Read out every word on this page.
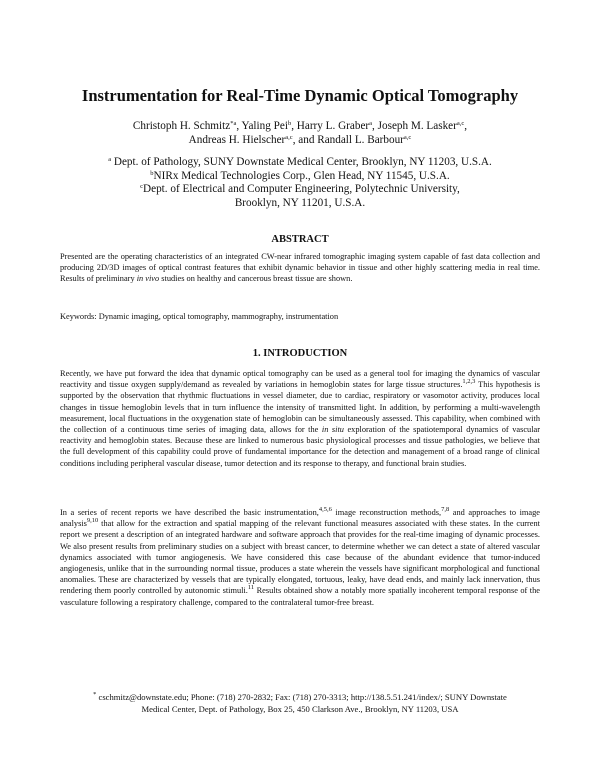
Instrumentation for Real-Time Dynamic Optical Tomography
Christoph H. Schmitz$^{*a}$, Yaling Pei$^b$, Harry L. Graber$^a$, Joseph M. Lasker$^{a,c}$,
Andreas H. Hielscher$^{a,c}$, and Randall L. Barbour$^{a,c}$
$^a$ Dept. of Pathology, SUNY Downstate Medical Center, Brooklyn, NY 11203, U.S.A.
$^b$NIRx Medical Technologies Corp., Glen Head, NY 11545, U.S.A.
$^c$Dept. of Electrical and Computer Engineering, Polytechnic University,
Brooklyn, NY 11201, U.S.A.
ABSTRACT

Presented are the operating characteristics of an integrated CW-near infrared tomographic imaging system capable of fast data collection and producing 2D/3D images of optical contrast features that exhibit dynamic behavior in tissue and other highly scattering media in real time. Results of preliminary in vivo studies on healthy and cancerous breast tissue are shown.

Keywords: Dynamic imaging, optical tomography, mammography, instrumentation

1. INTRODUCTION

Recently, we have put forward the idea that dynamic optical tomography can be used as a general tool for imaging the dynamics of vascular reactivity and tissue oxygen supply/demand as revealed by variations in hemoglobin states for large tissue structures.$^{1,2,3}$ This hypothesis is supported by the observation that rhythmic fluctuations in vessel diameter, due to cardiac, respiratory or vasomotor activity, produces local changes in tissue hemoglobin levels that in turn influence the intensity of transmitted light. In addition, by performing a multi-wavelength measurement, local fluctuations in the oxygenation state of hemoglobin can be simultaneously assessed. This capability, when combined with the collection of a continuous time series of imaging data, allows for the in situ exploration of the spatiotemporal dynamics of vascular reactivity and hemoglobin states. Because these are linked to numerous basic physiological processes and tissue pathologies, we believe that the full development of this capability could prove of fundamental importance for the detection and management of a broad range of clinical conditions including peripheral vascular disease, tumor detection and its response to therapy, and functional brain studies.

In a series of recent reports we have described the basic instrumentation,$^{4,5,6}$ image reconstruction methods,$^{7,8}$ and approaches to image analysis$^{9,10}$ that allow for the extraction and spatial mapping of the relevant functional measures associated with these states. In the current report we present a description of an integrated hardware and software approach that provides for the real-time imaging of dynamic processes. We also present results from preliminary studies on a subject with breast cancer, to determine whether we can detect a state of altered vascular dynamics associated with tumor angiogenesis. We have considered this case because of the abundant evidence that tumor-induced angiogenesis, unlike that in the surrounding normal tissue, produces a state wherein the vessels have significant morphological and functional anomalies. These are characterized by vessels that are typically elongated, tortuous, leaky, have dead ends, and mainly lack innervation, thus rendering them poorly controlled by autonomic stimuli.$^{11}$ Results obtained show a notably more spatially incoherent temporal response of the vasculature following a respiratory challenge, compared to the contralateral tumor-free breast.

* cschmitz@downstate.edu; Phone: (718) 270-2832; Fax: (718) 270-3313; http://138.5.51.241/index/; SUNY Downstate
Medical Center, Dept. of Pathology, Box 25, 450 Clarkson Ave., Brooklyn, NY 11203, USA
